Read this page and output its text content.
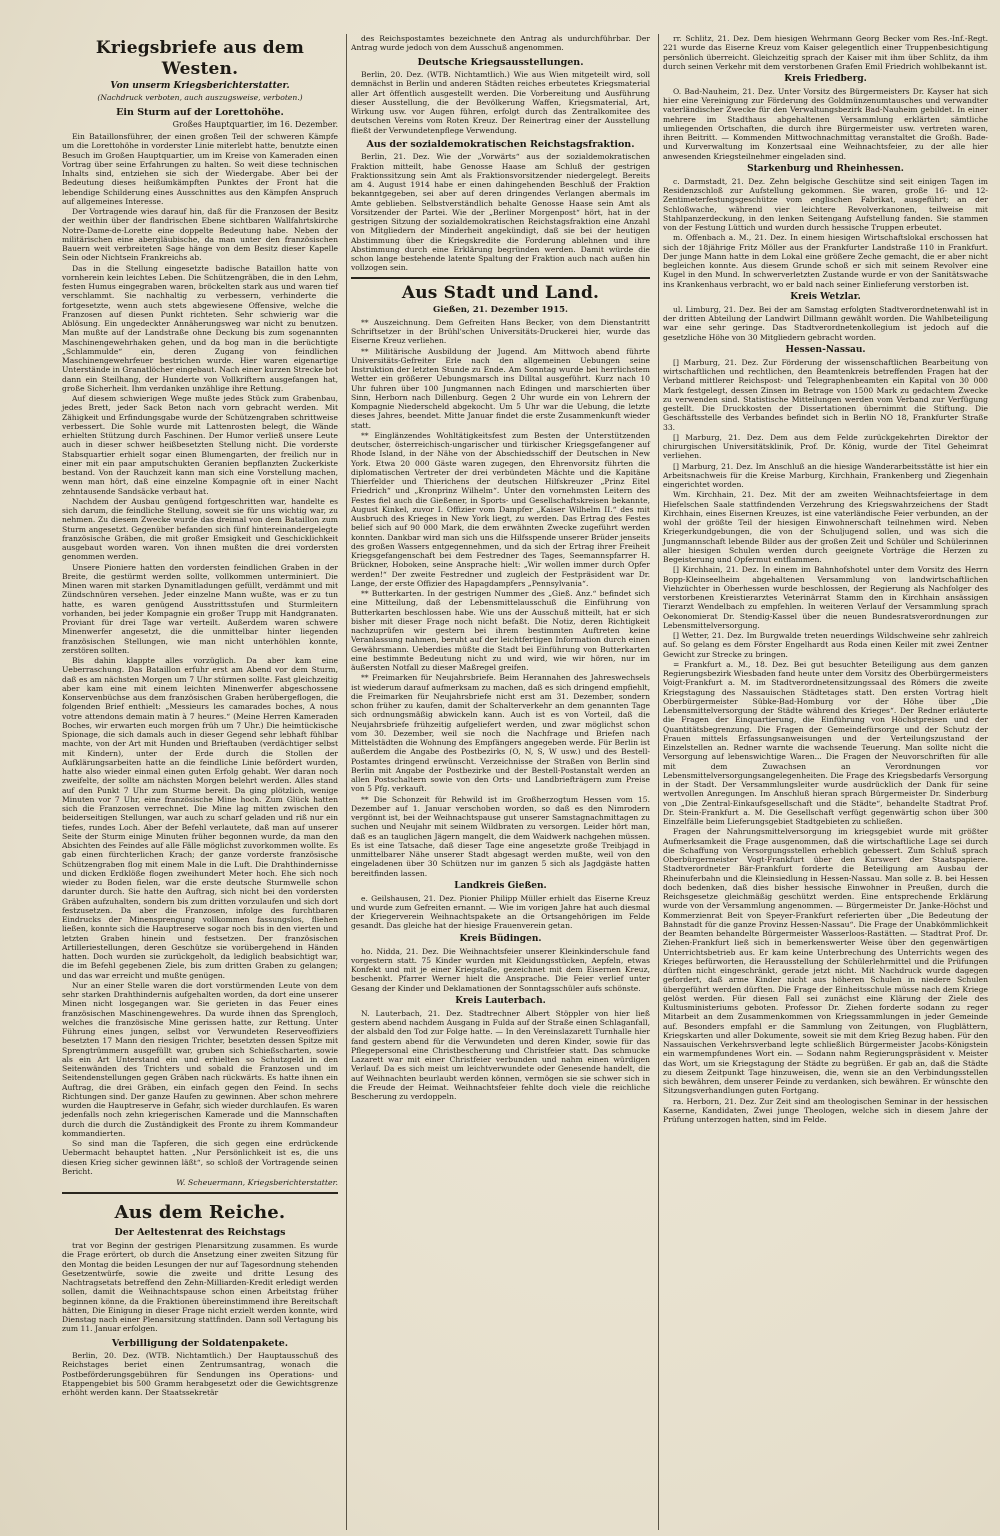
Kriegsbriefe aus dem Westen.
Von unserm Kriegsberichterstatter.
(Nachdruck verboten, auch auszugsweise, verboten.)
Ein Sturm auf der Lorettohöhe.
Großes Hauptquartier, im 16. Dezember.

Ein Bataillonsführer, der einen großen Teil der schweren Kämpfe um die Lorettohöhe in vorderster Linie miterlebt hatte, benutzte einen Besuch im Großen Hauptquartier, um im Kreise von Kameraden einen Vortrag über seine Erfahrungen zu halten. So weit diese technischen Inhalts sind, entziehen sie sich der Wiedergabe. Aber bei der Bedeutung dieses heißumkämpften Punktes der Front hat die lebendige Schilderung eines Ausschnittes aus den Kämpfen Anspruch auf allgemeines Interesse.

Der Vortragende wies darauf hin, daß für die Franzosen der Besitz der weithin über der flandrischen Ebene sichtbaren Wallfahrtskirche Notre-Dame-de-Lorette eine doppelte Bedeutung habe. Neben der militärischen eine abergläubische, da man unter den französischen Bauern weit verbreiteten Sage hänge von dem Besitz dieser Kapelle Sein oder Nichtsein Frankreichs ab.

Das in die Stellung eingesetzte badische Bataillon hatte von vornherein kein leichtes Leben. Die Schützengräben, die in den Lehm, festen Humus eingegraben waren, bröckelten stark aus und waren tief verschlammt. Sie nachhaltig zu verbessern, verhinderte die fortgesetzte, wenn auch stets abgewiesene Offensive, welche die Franzosen auf diesen Punkt richteten. Sehr schwierig war die Ablösung. Ein ungedeckter Annäherungsweg war nicht zu benutzen. Man mußte auf der Landstraße ohne Deckung bis zum sogenannten Maschinengewehrhaken gehen, und da bog man in die berüchtigte „Schlammulde“ ein, deren Zugang von feindlichen Maschinengewehrfeuer bestrichen wurde. Hier waren eigenartige Unterstände in Granatlöcher eingebaut. Nach einer kurzen Strecke bot dann ein Steilhang, der Hunderte von Vollkriftern ausgefangen hat, große Sicherheit. Ihm verdanken unzählige ihre Rettung.

Auf diesem schwierigen Wege mußte jedes Stück zum Grabenbau, jedes Brett, jeder Sack Beton nach vorn gebracht werden. Mit Zähigkeit und Erfindungsgabe wurde der Schützengraben schrittweise verbessert. Die Sohle wurde mit Lattenrosten belegt, die Wände erhielten Stützung durch Faschinen. Der Humor verließ unsere Leute auch in dieser schwer heißbesetzten Stellung nicht. Die vorderste Stabsquartier erhielt sogar einen Blumengarten, der freilich nur in einer mit ein paar amputschukten Geranien bepflanzten Zuckerkiste bestand. Von der Rauchzeit kann man sich eine Vorstellung machen, wenn man hört, daß eine einzelne Kompagnie oft in einer Nacht zehntausende Sandsäcke verbaut hat.

Nachdem der Ausbau genügend fortgeschritten war, handelte es sich darum, die feindliche Stellung, soweit sie für uns wichtig war, zu nehmen. Zu diesem Zwecke wurde das dreimal von dem Bataillon zum Sturm angesetzt. Gegenüber befanden sich fünf hintereinandergelegte französische Gräben, die mit großer Emsigkeit und Geschicklichkeit ausgebaut worden waren. Von ihnen mußten die drei vordersten genommen werden.

Unsere Pioniere hatten den vordersten feindlichen Graben in der Breite, die gestürmt werden sollte, vollkommen unterminiert. Die Minen waren mit starken Dynamitladungen gefüllt, verdämmt und mit Zündschnüren versehen. Jeder einzelne Mann wußte, was er zu tun hatte, es waren genügend Ausstrittsstufen und Sturmleitern vorhanden, bei jeder Kompagnie ein großer Trupp mit Handgranaten. Proviant für drei Tage war verteilt. Außerdem waren schwere Minenwerfer angesetzt, die die unmittelbar hinter liegenden französischen Stellungen, wie man nicht unterhöhlen konnte, zerstören sollten.

Bis dahin klappte alles vorzüglich. Da aber kam eine Ueberraschung. Das Bataillon erfuhr erst am Abend vor dem Sturm, daß es am nächsten Morgen um 7 Uhr stürmen sollte. Fast gleichzeitig aber kam eine mit einem leichten Minenwerfer abgeschossene Konservenbüchse aus dem französischen Graben herübergeflogen, die folgenden Brief enthielt: „Messieurs les camarades boches, A nous votre attendons demain matin à 7 heures.“ (Meine Herren Kameraden Boches, wir erwarten euch morgen früh um 7 Uhr.) Die heimtückische Spionage, die sich damals auch in dieser Gegend sehr lebhaft fühlbar machte, von der Art mit Hunden und Brieftauben (verdächtiger selbst mit Kindern), unter der Erde durch die Stollen der Aufklärungsarbeiten hatte an die feindliche Linie befördert wurden, hatte also wieder einmal einen guten Erfolg gehabt. Wer daran noch zweifelte, der sollte am nächsten Morgen belehrt werden. Alles stand auf den Punkt 7 Uhr zum Sturme bereit. Da ging plötzlich, wenige Minuten vor 7 Uhr, eine französische Mine hoch. Zum Glück hatten sich die Franzosen verrechnet. Die Mine lag mitten zwischen den beiderseitigen Stellungen, war auch zu scharf geladen und riß nur ein tiefes, rundes Loch. Aber der Befehl verlautete, daß man auf unserer Seite der Sturm einige Minuten früher begonnen wurde, da man den Absichten des Feindes auf alle Fälle möglichst zuvorkommen wollte. Es gab einen fürchterlichen Krach; der ganze vorderste französische Schützengraben flog mit einem Male in die Luft. Die Drahthindernisse und dicken Erdklöße flogen zweihundert Meter hoch. Ehe sich noch wieder zu Boden fielen, war die erste deutsche Sturmwelle schon darunter durch. Sie hatte den Auftrag, sich nicht bei den vordersten Gräben aufzuhalten, sondern bis zum dritten vorzulaufen und sich dort festzusetzen. Da aber die Franzosen, infolge des furchtbaren Eindrucks der Minensprengung vollkommen fassungslos, fliehen ließen, konnte sich die Hauptreserve sogar noch bis in den vierten und letzten Graben hinein und festsetzen. Der französischen Artilleriestellungen, deren Geschütze sie vorübergehend in Händen hatten. Doch wurden sie zurückgeholt, da lediglich beabsichtigt war, die im Befehl gegebenen Ziele, bis zum dritten Graben zu gelangen; und das war erreicht und mußte genügen.

Nur an einer Stelle waren die dort vorstürmenden Leute von dem sehr starken Drahthindernis aufgehalten worden, da dort eine unserer Minen nicht losgegangen war. Sie gerieten in das Feuer eines französischen Maschinengewehres. Da wurde ihnen das Sprengloch, welches die französische Mine gerissen hatte, zur Rettung. Unter Führung eines jungen, selbst vor Verwundeten Reserveoffiziers besetzten 17 Mann den riesigen Trichter, besetzten dessen Spitze mit Sprengtrümmern ausgefüllt war, gruben sich Schießscharten, sowie als ein Art Unterstand ein und erhielten so Schutzgeld in den Seitenwänden des Trichters und sobald die Franzosen und im Seitendenstellungen gegen Gräben nach rückwärts. Es hatte ihnen ein Auftrag, die drei Gräben, ein einfach gegen den Feind. In sechs Richtungen sind. Der ganze Haufen zu gewinnen. Aber schon mehrere wurden die Hauptreserve in Gefahr, sich wieder durchlaufen. Es waren jedenfalls noch zehn kriegerischen Kamerade und die Mannschaften durch die durch die Zuständigkeit des Fronte zu ihrem Kommandeur kommandierten.

So sind man die Tapferen, die sich gegen eine erdrückende Uebermacht behauptet hatten. „Nur Persönlichkeit ist es, die uns diesen Krieg sicher gewinnen läßt“, so schloß der Vortragende seinen Bericht.

W. Scheuermann, Kriegsberichterstatter.
Aus dem Reiche.
Der Aeltestenrat des Reichstags

trat vor Beginn der gestrigen Plenarsitzung zusammen. Es wurde die Frage erörtert, ob durch die Ansetzung einer zweiten Sitzung für den Montag die beiden Lesungen der nur auf Tagesordnung stehenden Gesetzentwürfe, sowie die zweite und dritte Lesung des Nachtragsetats betreffend den Zehn-Milliarden-Kredit erledigt werden sollen, damit die Weihnachtspause schon einen Arbeitstag früher beginnen könne, da die Fraktionen übereinstimmend ihre Bereitschaft hätten, Die Einigung in dieser Frage nicht erzielt werden konnte, wird Dienstag nach einer Plenarsitzung stattfinden. Dann soll Vertagung bis zum 11. Januar erfolgen.

Verbilligung der Soldatenpakete.

Berlin, 20. Dez. (WTB. Nichtamtlich.) Der Hauptausschuß des Reichstages beriet einen Zentrumsantrag, wonach die Postbeförderungsgebühren für Sendungen ins Operations- und Etappengebiet bis 500 Gramm herabgesetzt oder die Gewichtsgrenze erhöht werden kann. Der Staatssekretär

des Reichspostamtes bezeichnete den Antrag als undurchführbar. Der Antrag wurde jedoch von dem Ausschuß angenommen.

Deutsche Kriegsausstellungen.

Berlin, 20. Dez. (WTB. Nichtamtlich.) Wie aus Wien mitgeteilt wird, soll demnächst in Berlin und anderen Städten reiches erbeutetes Kriegsmaterial aller Art öffentlich ausgestellt werden. Die Vorbereitung und Ausführung dieser Ausstellung, die der Bevölkerung Waffen, Kriegsmaterial, Art, Wirkung usw. vor Augen führen, erfolgt durch das Zentralkomitee des deutschen Vereins vom Roten Kreuz. Der Reinertrag einer der Ausstellung fließt der Verwundetenpflege Verwendung.

Aus der sozialdemokratischen Reichstagsfraktion.

Berlin, 21. Dez. Wie der „Vorwärts“ aus der sozialdemokratischen Fraktion mitteilt, habe Genosse Haase am Schluß der gestrigen Fraktionssitzung sein Amt als Fraktionsvorsitzender niedergelegt. Bereits am 4. August 1914 habe er einen dahingehenden Beschluß der Fraktion bekanntgegeben, sei aber auf deren dringendes Verlangen abermals im Amte geblieben. Selbstverständlich behalte Genosse Haase sein Amt als Vorsitzender der Partei. Wie der „Berliner Morgenpost“ hört, hat in der gestrigen Sitzung der sozialdemokratischen Reichstagsfraktion eine Anzahl von Mitgliedern der Minderheit angekündigt, daß sie bei der heutigen Abstimmung über die Kriegskredite die Forderung ablehnen und ihre Abstimmung durch eine Erklärung begründen werden. Damit würde die schon lange bestehende latente Spaltung der Fraktion auch nach außen hin vollzogen sein.

Aus Stadt und Land.
Gießen, 21. Dezember 1915.

** Auszeichnung. Dem Gefreiten Hans Becker, von dem Dienstantritt Schriftsetzer in der Brühl'schen Universitäts-Druckerei hier, wurde das Eiserne Kreuz verliehen.

** Militärische Ausbildung der Jugend. Am Mittwoch abend führte Universitäts-Gefreiter Erle nach den allgemeinen Uebungen seine Instruktion der letzten Stunde zu Ende. Am Sonntag wurde bei herrlichstem Wetter ein größerer Uebungsmarsch ins Dilltal ausgeführt. Kurz nach 10 Uhr fuhren über 100 Jungmannen nach Edingen und marschierten über Sinn, Herborn nach Dillenburg. Gegen 2 Uhr wurde ein von Lehrern der Kompagnie Niederscheld abgekocht. Um 5 Uhr war die Uebung, die letzte dieses Jahres, beendet. Mitte Januar findet die erste Zusammenkunft wieder statt.

** Einglänzendes Wohltätigkeitsfest zum Besten der Unterstützenden deutscher, österreichisch-ungarischer und türkischer Kriegsgefangener auf Rhode Island, in der Nähe von der Abschiedsschiff der Deutschen in New York. Etwa 20 000 Gäste waren zugegen, den Ehrenvorsitz führten die diplomatischen Vertreter der drei verbündeten Mächte und die Kapitäne Thierfelder und Thierichens der deutschen Hilfskreuzer „Prinz Eitel Friedrich“ und „Kronprinz Wilhelm“. Unter den vornehmsten Leitern des Festes fiel auch die Gießener, in Sports- und Gesellschaftskreisen bekannte, August Kinkel, zuvor I. Offizier vom Dampfer „Kaiser Wilhelm II.“ des mit Ausbruch des Krieges in New York liegt, zu werden. Das Ertrag des Festes belief sich auf 90 000 Mark, die dem erwähnten Zwecke zugeführt werden konnten. Dankbar wird man sich uns die Hilfsspende unserer Brüder jenseits des großen Wassers entgegennehmen, und da sich der Ertrag ihrer Freiheit Kriegsgefangenschaft bei dem Festredner des Tages, Seemannspfarrer H. Brückner, Hoboken, seine Ansprache hielt: „Wir wollen immer durch Opfer werden!“ Der zweite Festredner und zugleich der Festpräsident war Dr. Lange, der erste Offizier des Hapagdampfers „Pennsylvania“.

** Butterkarten. In der gestrigen Nummer des „Gieß. Anz.“ befindet sich eine Mitteilung, daß der Lebensmittelausschuß die Einführung von Butterkarten beschlossen habe. Wie uns der Ausschuß mitteilt, hat er sich bisher mit dieser Frage noch nicht befaßt. Die Notiz, deren Richtigkeit nachzuprüfen wir gestern bei ihrem bestimmten Auftreten keine Veranlassung nahmen, beruht auf der leichtfertigen Information durch einen Gewährsmann. Ueberdies müßte die Stadt bei Einführung von Butterkarten eine bestimmte Bedeutung nicht zu und wird, wie wir hören, nur im äußersten Notfall zu dieser Maßregel greifen.

** Freimarken für Neujahrsbriefe. Beim Herannahen des Jahreswechsels ist wiederum darauf aufmerksam zu machen, daß es sich dringend empfiehlt, die Freimarken für Neujahrsbriefe nicht erst am 31. Dezember, sondern schon früher zu kaufen, damit der Schalterverkehr an dem genannten Tage sich ordnungsmäßig abwickeln kann. Auch ist es von Vorteil, daß die Neujahrsbriefe frühzeitig aufgeliefert werden, und zwar möglichst schon vom 30. Dezember, weil sie noch die Nachfrage und Briefen nach Mittelstädten die Wohnung des Empfängers angegeben werde. Für Berlin ist außerdem die Angabe des Postbezirks (O, N, S, W usw.) und des Bestell-Postamtes dringend erwünscht. Verzeichnisse der Straßen von Berlin sind Berlin mit Angabe der Postbezirke und der Bestell-Postanstalt werden an allen Postschaltern sowie von den Orts- und Landbriefträgern zum Preise von 5 Pfg. verkauft.

** Die Schonzeit für Rehwild ist im Großherzogtum Hessen vom 15. Dezember auf 1. Januar verschoben worden, so daß es den Nimrodern vergönnt ist, bei der Weihnachtspause gut unserer Samstagnachmittagen zu suchen und Neujahr mit seinem Wildbraten zu versorgen. Leider hört man, daß es an tauglichen Jägern mangelt, die dem Waidwerk nachgehen müssen. Es ist eine Tatsache, daß dieser Tage eine angesetzte große Treibjagd in unmittelbarer Nähe unserer Stadt abgesagt werden mußte, weil von den eingeladenen über 30 Schützen nur im ganzen 5 sich als Jagdgäste hatten bereitfinden lassen.

Landkreis Gießen.

e. Geilshausen, 21. Dez. Pionier Philipp Müller erhielt das Eiserne Kreuz und wurde zum Gefreiten ernannt. — Wie im vorigen Jahre hat auch diesmal der Kriegerverein Weihnachtspakete an die Ortsangehörigen im Felde gesandt. Das gleiche hat der hiesige Frauenverein getan.

Kreis Büdingen.

ho. Nidda, 21. Dez. Die Weihnachtsfeier unserer Kleinkinderschule fand vorgestern statt. 75 Kinder wurden mit Kleidungsstücken, Aepfeln, etwas Konfekt und mit je einer Kriegstaße, gezeichnet mit dem Eisernen Kreuz, beschenkt. Pfarrer Werner hielt die Ansprache. Die Feier verlief unter Gesang der Kinder und Deklamationen der Sonntagsschüler aufs schönste.

Kreis Lauterbach.

N. Lauterbach, 21. Dez. Stadtrechner Albert Stöppler von hier ließ gestern abend nachdem Ausgang in Fulda auf der Straße einen Schlaganfall, der alsbald den Tod zur Folge hatte. — In den Vereinslazarett Turnhalle hier fand gestern abend für die Verwundeten und deren Kinder, sowie für das Pflegepersonal eine Christbescherung und Christfeier statt. Das schmucke Lazarett war mit einer Christfeier verbunden und nahm einen würdigen Verlauf. Da es sich meist um leichtverwundete oder Genesende handelt, die auf Weihnachten beurlaubt werden können, vermögen sie sie schwer sich in die Freude der Heimat. Weihnachtsfeier fehlte doch viele die reichliche Bescherung zu verdoppeln.

rr. Schlitz, 21. Dez. Dem hiesigen Wehrmann Georg Becker vom Res.-Inf.-Regt. 221 wurde das Eiserne Kreuz vom Kaiser gelegentlich einer Truppenbesichtigung persönlich überreicht. Gleichzeitig sprach der Kaiser mit ihm über Schlitz, da ihm durch seinen Verkehr mit dem verstorbenen Grafen Emil Friedrich wohlbekannt ist.

Kreis Friedberg.

O. Bad-Nauheim, 21. Dez. Unter Vorsitz des Bürgermeisters Dr. Kayser hat sich hier eine Vereinigung zur Förderung des Goldmünzenumtausches und verwandter vaterländischer Zwecke für den Verwaltungsbezirk Bad-Nauheim gebildet. In einer mehrere im Stadthaus abgehaltenen Versammlung erklärten sämtliche umliegenden Ortschaften, die durch ihre Bürgermeister usw. vertreten waren, ihren Beitritt. — Kommenden Mittwochnachmittag veranstaltet die Großh. Bade- und Kurverwaltung im Konzertsaal eine Weihnachtsfeier, zu der alle hier anwesenden Kriegsteilnehmer eingeladen sind.

Starkenburg und Rheinhessen.

c. Darmstadt, 21. Dez. Zehn belgische Geschütze sind seit einigen Tagen im Residenzschloß zur Aufstellung gekommen. Sie waren, große 16- und 12-Zentimeterfestungsgeschütze vom englischen Fabrikat, ausgeführt; an der Schloßwache, während vier leichtere Revolverkanonen, teilweise mit Stahlpanzerdeckung, in den lenken Seitengang Aufstellung fanden. Sie stammen von der Festung Lüttich und wurden durch hessische Truppen erbeutet.

m. Offenbach a. M., 21. Dez. In einem hiesigen Wirtschaftslokal erschossen hat sich der 18jährige Fritz Möller aus der Frankfurter Landstraße 110 in Frankfurt. Der junge Mann hatte in dem Lokal eine größere Zeche gemacht, die er aber nicht begleichen konnte. Aus diesem Grunde schoß er sich mit seinem Revolver eine Kugel in den Mund. In schwerverletzten Zustande wurde er von der Sanitätswache ins Krankenhaus verbracht, wo er bald nach seiner Einlieferung verstorben ist.

Kreis Wetzlar.

ul. Limburg, 21. Dez. Bei der am Samstag erfolgten Stadtverordnetenwahl ist in der dritten Abteilung der Landwirt Dillmann gewählt worden. Die Wahlbeteiligung war eine sehr geringe. Das Stadtverordnetenkollegium ist jedoch auf die gesetzliche Höhe von 30 Mitgliedern gebracht worden.

Hessen-Nassau.

[] Marburg, 21. Dez. Zur Förderung der wissenschaftlichen Bearbeitung von wirtschaftlichen und rechtlichen, den Beamtenkreis betreffenden Fragen hat der Verband mittlerer Reichspost- und Telegraphenbeamten ein Kapital von 30 000 Mark festgelegt, dessen Zinsen im Betrage von 1500 Mark zu gedachtem Zwecke zu verwenden sind. Statistische Mitteilungen werden vom Verband zur Verfügung gestellt. Die Druckkosten der Dissertationen übernimmt die Stiftung. Die Geschäftsstelle des Verbandes befindet sich in Berlin NO 18, Frankfurter Straße 33.

[] Marburg, 21. Dez. Dem aus dem Felde zurückgekehrten Direktor der chirurgischen Universitätsklinik, Prof. Dr. König, wurde der Titel Geheimrat verliehen.

[] Marburg, 21. Dez. Im Anschluß an die hiesige Wanderarbeitsstätte ist hier ein Arbeitsnachweis für die Kreise Marburg, Kirchhain, Frankenberg und Ziegenhain eingerichtet worden.

Wm. Kirchhain, 21. Dez. Mit der am zweiten Weihnachtsfeiertage in dem Hiefelschen Saale stattfindenden Verzehrung des Kriegswahrzeichens der Stadt Kirchhain, eines Eisernen Kreuzes, ist eine vaterländische Feier verbunden, an der wohl der größte Teil der hiesigen Einwohnerschaft teilnehmen wird. Neben Kriegerkundgebungen, die von der Schuljugend sollen, und was sich die Jungmannschaft lebende Bilder aus der großen Zeit und Schüler und Schülerinnen aller hiesigen Schulen werden durch geeignete Vorträge die Herzen zu Begeisterung und Opfermut entflammen.

[] Kirchhain, 21. Dez. In einem im Bahnhofshotel unter dem Vorsitz des Herrn Bopp-Kleinseelheim abgehaltenen Versammlung von landwirtschaftlichen Viehzüchter in Oberhessen wurde beschlossen, der Regierung als Nachfolger des verstorbenen Kreistierarztes Veterinärrat Stamm den in Kirchhain ansässigen Tierarzt Wendelbach zu empfehlen. In weiteren Verlauf der Versammlung sprach Oekonomierat Dr. Stendig-Kassel über die neuen Bundesratsverordnungen zur Lebensmittelversorgung.

[] Wetter, 21. Dez. Im Burgwalde treten neuerdings Wildschweine sehr zahlreich auf. So gelang es dem Förster Engelhardt aus Roda einen Keiler mit zwei Zentner Gewicht zur Strecke zu bringen.

= Frankfurt a. M., 18. Dez. Bei gut besuchter Beteiligung aus dem ganzen Regierungsbezirk Wiesbaden fand heute unter dem Vorsitz des Oberbürgermeisters Voigt-Frankfurt a. M. im Stadtverordnetensitzungssaal des Römers die zweite Kriegstagung des Nassauischen Städtetages statt. Den ersten Vortrag hielt Oberbürgermeister Sübke-Bad-Homburg vor der Höhe über „Die Lebensmittelversorgung der Städte während des Krieges“. Der Redner erläuterte die Fragen der Einquartierung, die Einführung von Höchstpreisen und der Quantitätsbegrenzung. Die Fragen der Gemeindefürsorge und der Schutz der Frauen mittels Erfassungsanweisungen und der Verteilungszustand der Einzelstellen an. Redner warnte die wachsende Teuerung. Man sollte nicht die Versorgung auf lebenswichtige Waren... Die Fragen der Neuvorschriften für alle mit dem Zuwachsen an Verordnungen vor Lebensmittelversorgungsangelegenheiten. Die Frage des Kriegsbedarfs Versorgung in der Stadt. Der Versammlungsleiter wurde ausdrücklich der Dank für seine wertvollen Anregungen. Im Anschluß hieran sprach Bürgermeister Dr. Sinderburg von „Die Zentral-Einkaufsgesellschaft und die Städte“, behandelte Stadtrat Prof. Dr. Stein-Frankfurt a. M. Die Gesellschaft verfügt gegenwärtig schon über 300 Einzelfälle beim Lieferungsgebiet Stadtgebieten zu schließen.

Fragen der Nahrungsmittelversorgung im kriegsgebiet wurde mit größter Aufmerksamkeit die Frage ausgenommen, daß die wirtschaftliche Lage sei durch die Schaffung von Versorgungsstellen erheblich gebessert. Zum Schluß sprach Oberbürgermeister Vogt-Frankfurt über den Kurswert der Staatspapiere. Stadtverordneter Bär-Frankfurt forderte die Beteiligung am Ausbau der Rheinuferbahn und die Kleinsiedlung in Hessen-Nassau. Man solle z. B. bei Hessen doch bedenken, daß dies bisher hessische Einwohner in Preußen, durch die Reichsgesetze gleichmäßig geschützt werden. Eine entsprechende Erklärung wurde von der Versammlung angenommen. — Bürgermeister Dr. Janke-Höchst und Kommerzienrat Beit von Speyer-Frankfurt referierten über „Die Bedeutung der Bahnstadt für die ganze Provinz Hessen-Nassau“. Die Frage der Unabkömmlichkeit der Beamten behandelte Bürgermeister Wasserloos-Rastätten. — Stadtrat Prof. Dr. Ziehen-Frankfurt ließ sich in bemerkenswerter Weise über den gegenwärtigen Unterrichtsbetrieb aus. Er kam keine Unterbrechung des Unterrichts wegen des Krieges befürworten, die Herausstellung der Schülerlehrmittel und die Prüfungen dürften nicht eingeschränkt, gerade jetzt nicht. Mit Nachdruck wurde dagegen gefordert, daß arme Kinder nicht aus höheren Schulen in niedere Schulen übergeführt werden dürften. Die Frage der Einheitsschule müsse nach dem Kriege gelöst werden. Für diesen Fall sei zunächst eine Klärung der Ziele des Kultusministeriums geboten. Professor Dr. Ziehen forderte sodann zu reger Mitarbeit an dem Zusammenkommen von Kriegssammlungen in jeder Gemeinde auf. Besonders empfahl er die Sammlung von Zeitungen, von Flugblättern, Kriegskarten und aller Dokumente, soweit sie mit dem Krieg Bezug haben. Für den Nassauischen Verkehrsverband legte schließlich Bürgermeister Jacobs-Königstein ein warmempfundenes Wort ein. — Sodann nahm Regierungspräsident v. Meister das Wort, um sie Kriegstagung der Städte zu begrüßen. Er gab an, daß die Städte zu diesem Zeitpunkt Tage hinzuweisen, die, wenn sie an den Verbindungsstellen sich bewähren, dem unserer Feinde zu verdanken, sich bewähren. Er wünschte den Sitzungsverhandlungen guten Fortgang.

ra. Herborn, 21. Dez. Zur Zeit sind am theologischen Seminar in der hessischen Kaserne, Kandidaten, Zwei junge Theologen, welche sich in diesem Jahre der Prüfung unterzogen hatten, sind im Felde.
